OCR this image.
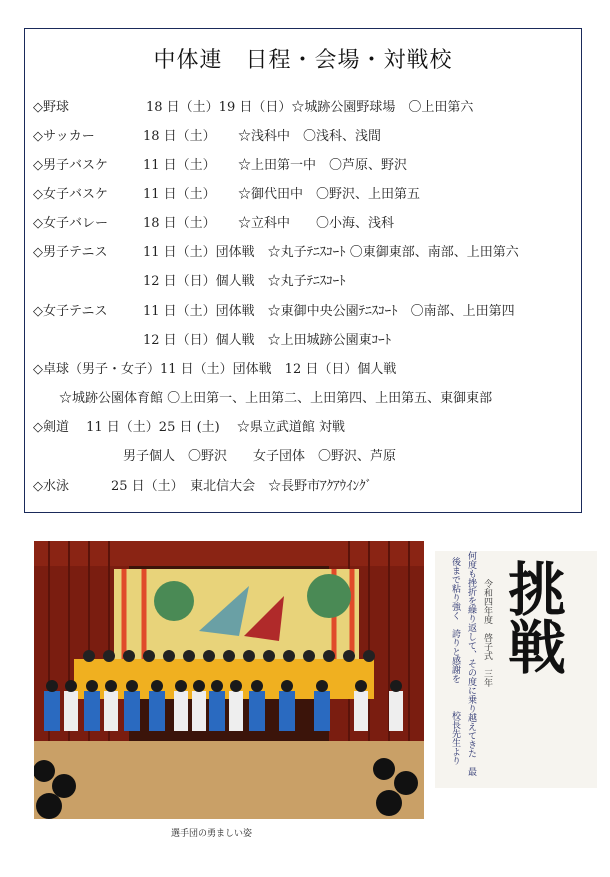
中体連　日程・会場・対戦校
◇野球	18 日（土）19 日（日）☆城跡公園野球場　〇上田第六
◇サッカー	18 日（土） ☆浅科中　〇浅科、浅間
◇男子バスケ	11 日（土） ☆上田第一中　〇芦原、野沢
◇女子バスケ	11 日（土） ☆御代田中　〇野沢、上田第五
◇女子バレー	18 日（土） ☆立科中　　〇小海、浅科
◇男子テニス	11 日（土）団体戦　☆丸子ﾃﾆｽｺｰﾄ 〇東御東部、南部、上田第六
12 日（日）個人戦　☆丸子ﾃﾆｽｺｰﾄ
◇女子テニス	11 日（土）団体戦　☆東御中央公園ﾃﾆｽｺｰﾄ　〇南部、上田第四
12 日（日）個人戦　☆上田城跡公園東ｺｰﾄ
◇卓球（男子・女子）11 日（土）団体戦　12 日（日）個人戦
　　☆城跡公園体育館 〇上田第一、上田第二、上田第四、上田第五、東御東部
◇剣道　 11 日（土）25 日 (土)　 ☆県立武道館 対戦
男子個人　〇野沢　　女子団体　〇野沢、芦原
◇水泳	25 日（土）　東北信大会　☆長野市ｱｸｱｳｲﾝｸﾞ
選手団の勇ましい姿
挑戦
令和四年度　啓子式　三年
何度も挫折を繰り返して、その度に乗り越えてきた　最
後まで粘り強く　誇りと感謝を
校長先生より
